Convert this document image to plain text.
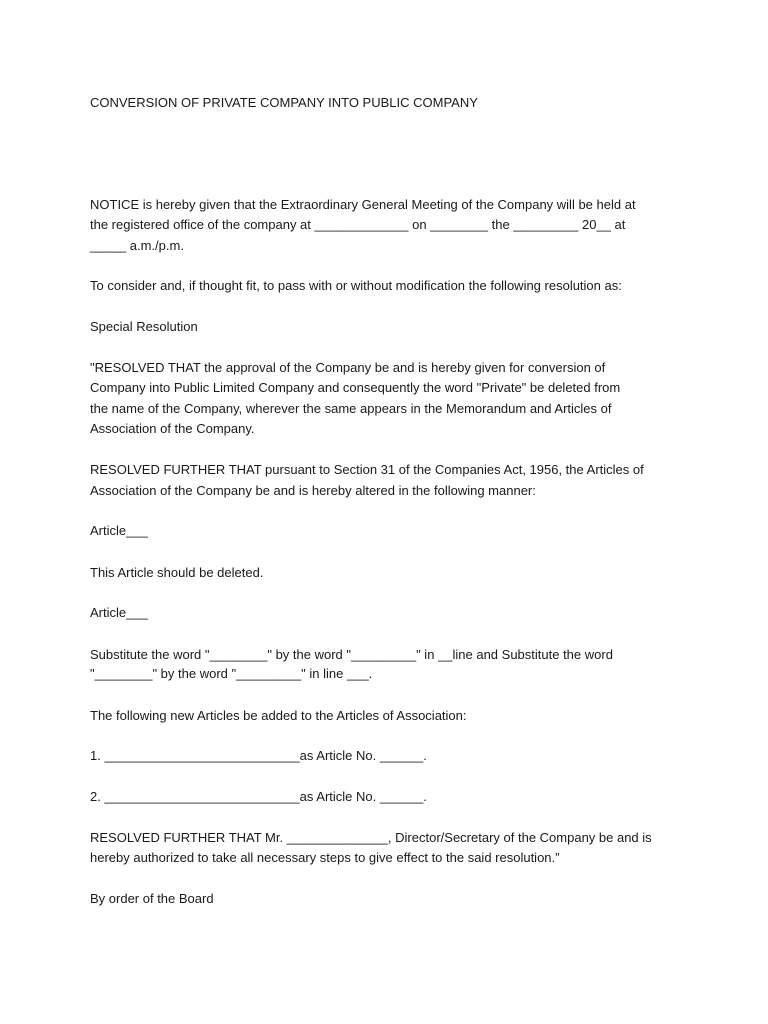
CONVERSION OF PRIVATE COMPANY INTO PUBLIC COMPANY
NOTICE is hereby given that the Extraordinary General Meeting of the Company will be held at
the registered office of the company at _____________ on ________ the _________ 20__ at
_____ a.m./p.m.
To consider and, if thought fit, to pass with or without modification the following resolution as:
Special Resolution
"RESOLVED THAT the approval of the Company be and is hereby given for conversion of
Company into Public Limited Company and consequently the word "Private" be deleted from
the name of the Company, wherever the same appears in the Memorandum and Articles of
Association of the Company.
RESOLVED FURTHER THAT pursuant to Section 31 of the Companies Act, 1956, the Articles of
Association of the Company be and is hereby altered in the following manner:
Article___
This Article should be deleted.
Article___
Substitute the word "________" by the word "_________" in __line and Substitute the word
"________" by the word "_________" in line ___.
The following new Articles be added to the Articles of Association:
1. ___________________________as Article No. ______.
2. ___________________________as Article No. ______.
RESOLVED FURTHER THAT Mr. ______________, Director/Secretary of the Company be and is
hereby authorized to take all necessary steps to give effect to the said resolution.”
By order of the Board
